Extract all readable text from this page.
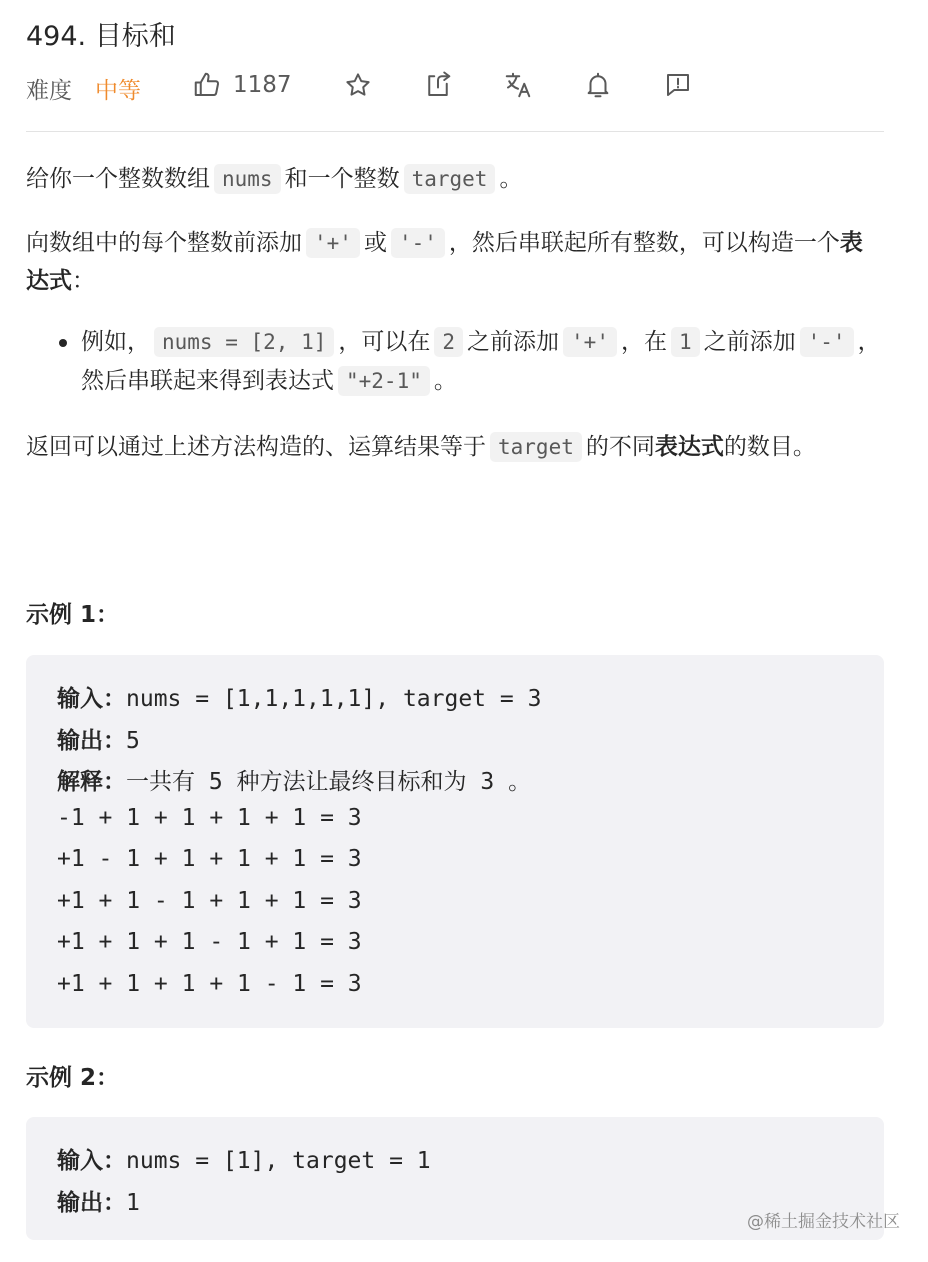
494. 目标和
难度 中等	1187
给你一个整数数组 nums 和一个整数 target 。
向数组中的每个整数前添加 '+' 或 '-' ，然后串联起所有整数，可以构造一个表达式：
例如， nums = [2, 1] ，可以在 2 之前添加 '+' ，在 1 之前添加 '-' ，然后串联起来得到表达式 "+2-1" 。
返回可以通过上述方法构造的、运算结果等于 target 的不同表达式的数目。
示例 1：
输入：nums = [1,1,1,1,1], target = 3
输出：5
解释：一共有 5 种方法让最终目标和为 3 。
-1 + 1 + 1 + 1 + 1 = 3
+1 - 1 + 1 + 1 + 1 = 3
+1 + 1 - 1 + 1 + 1 = 3
+1 + 1 + 1 - 1 + 1 = 3
+1 + 1 + 1 + 1 - 1 = 3
示例 2：
输入：nums = [1], target = 1
输出：1
@稀土掘金技术社区
